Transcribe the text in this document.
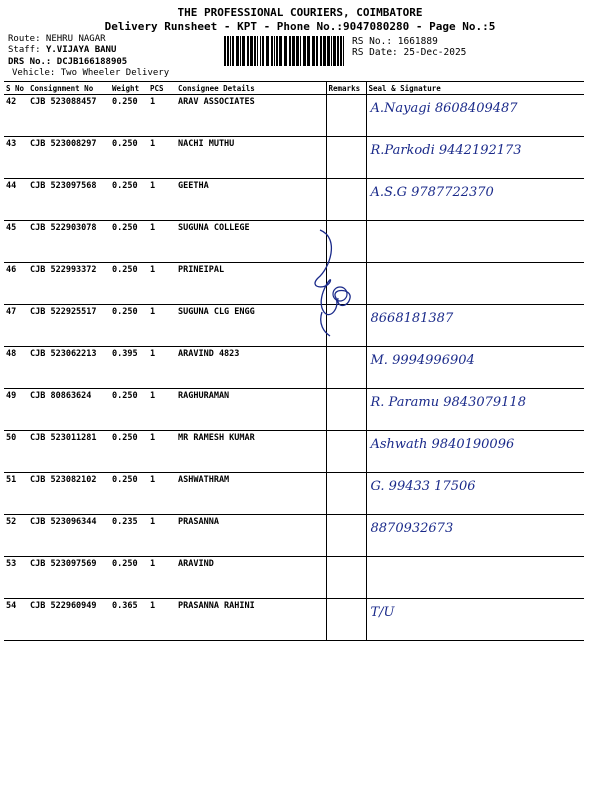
THE PROFESSIONAL COURIERS, COIMBATORE
Delivery Runsheet - KPT - Phone No.:9047080280 - Page No.:5
Route: NEHRU NAGAR
Staff: Y.VIJAYA BANU
DRS No.: DCJB166188905
Vehicle: Two Wheeler Delivery
RS No.: 1661889
RS Date: 25-Dec-2025
S No	Consignment No	Weight	PCS	Consignee Details	Remarks	Seal & Signature
42	CJB 523088457	0.250	1	ARAV ASSOCIATES		A.Nayagi 8608409487

43	CJB 523008297	0.250	1	NACHI MUTHU		R.Parkodi 9442192173

44	CJB 523097568	0.250	1	GEETHA		A.S.G 9787722370

45	CJB 522903078	0.250	1	SUGUNA COLLEGE		

46	CJB 522993372	0.250	1	PRINEIPAL		

47	CJB 522925517	0.250	1	SUGUNA CLG ENGG		8668181387

48	CJB 523062213	0.395	1	ARAVIND 4823		M. 9994996904

49	CJB 80863624	0.250	1	RAGHURAMAN		R. Paramu 9843079118

50	CJB 523011281	0.250	1	MR RAMESH KUMAR		Ashwath 9840190096

51	CJB 523082102	0.250	1	ASHWATHRAM		G. 99433 17506

52	CJB 523096344	0.235	1	PRASANNA		8870932673

53	CJB 523097569	0.250	1	ARAVIND		

54	CJB 522960949	0.365	1	PRASANNA RAHINI		T/U
